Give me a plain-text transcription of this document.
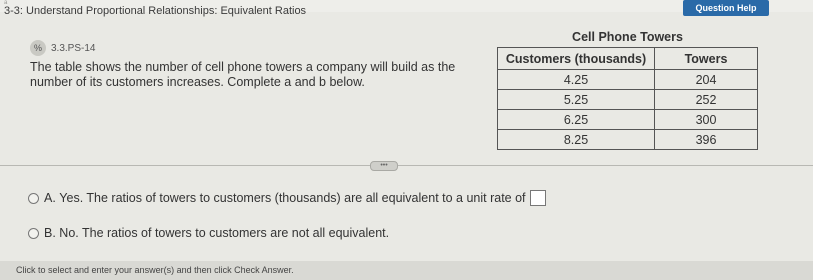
a
3-3: Understand Proportional Relationships: Equivalent Ratios	Question Help
% 3.3.PS-14
The table shows the number of cell phone towers a company will build as the number of its customers increases. Complete a and b below.
Cell Phone Towers	
Customers (thousands)	Towers
4.25	204
5.25	252
6.25	300
8.25	396
•••
A.
Yes. The ratios of towers to customers (thousands) are all equivalent to a unit rate of
B.
No. The ratios of towers to customers are not all equivalent.
Click to select and enter your answer(s) and then click Check Answer.
